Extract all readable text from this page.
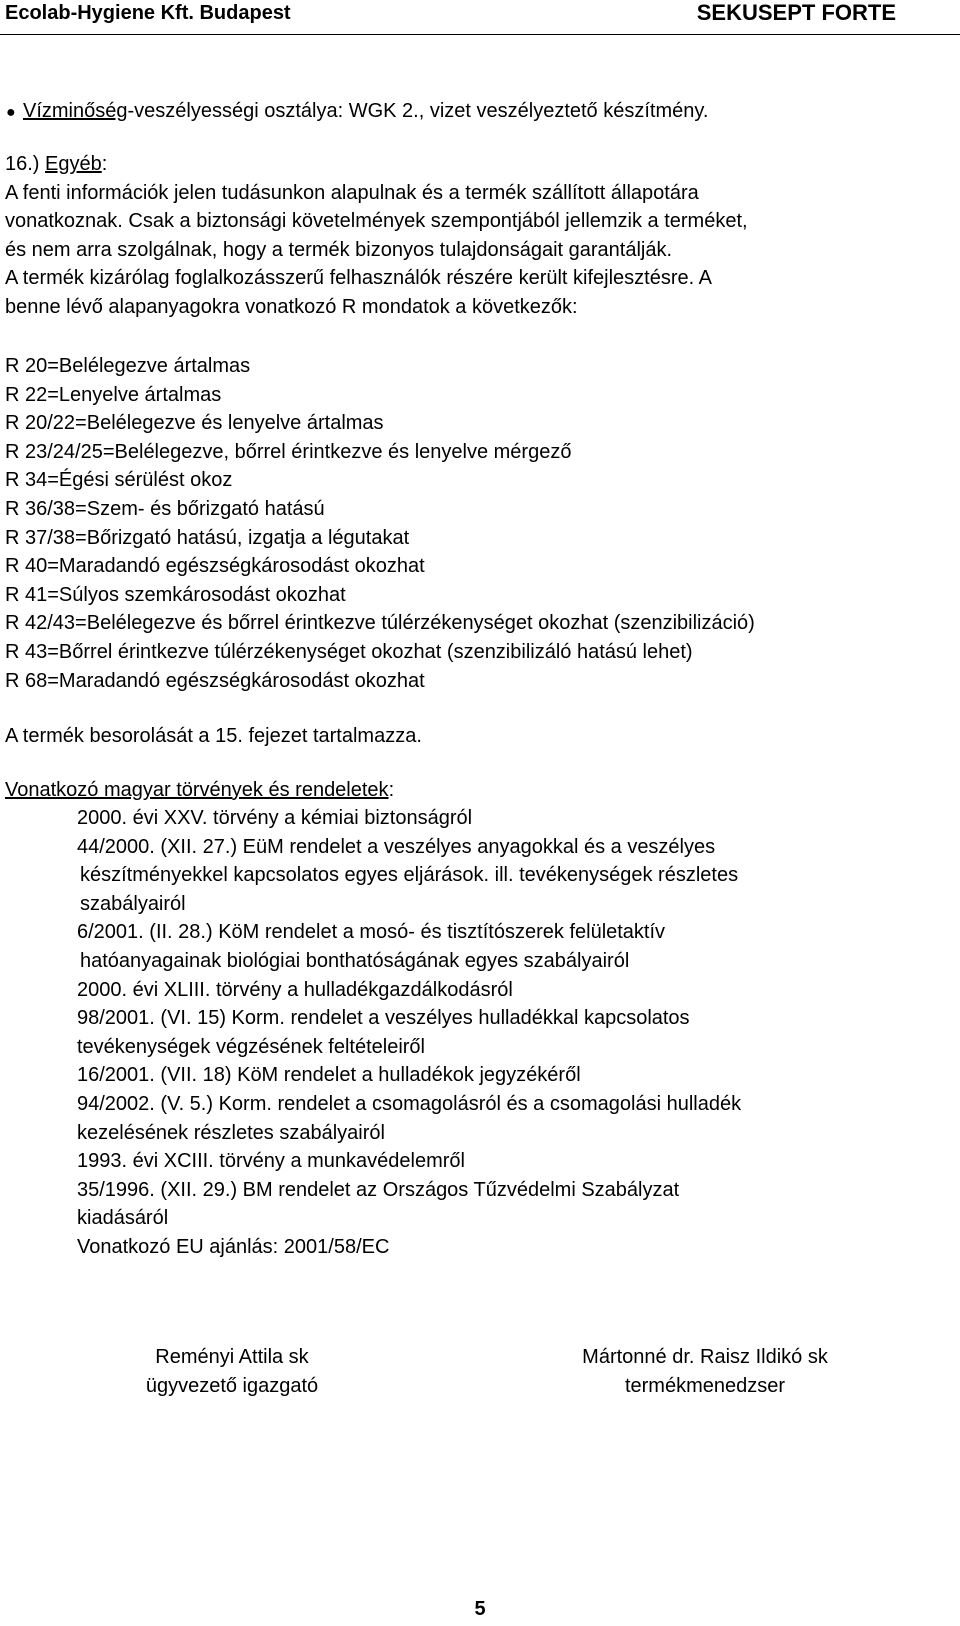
Ecolab-Hygiene Kft. Budapest	SEKUSEPT FORTE
● Vízminőség-veszélyességi osztálya: WGK 2., vizet veszélyeztető készítmény.
16.) Egyéb:
A fenti információk jelen tudásunkon alapulnak és a termék szállított állapotára
vonatkoznak. Csak a biztonsági követelmények szempontjából jellemzik a terméket,
és nem arra szolgálnak, hogy a termék bizonyos tulajdonságait garantálják.
A termék kizárólag foglalkozásszerű felhasználók részére került kifejlesztésre. A
benne lévő alapanyagokra vonatkozó R mondatok a következők:
R 20=Belélegezve ártalmas
R 22=Lenyelve ártalmas
R 20/22=Belélegezve és lenyelve ártalmas
R 23/24/25=Belélegezve, bőrrel érintkezve és lenyelve mérgező
R 34=Égési sérülést okoz
R 36/38=Szem- és bőrizgató hatású
R 37/38=Bőrizgató hatású, izgatja a légutakat
R 40=Maradandó egészségkárosodást okozhat
R 41=Súlyos szemkárosodást okozhat
R 42/43=Belélegezve és bőrrel érintkezve túlérzékenységet okozhat (szenzibilizáció)
R 43=Bőrrel érintkezve túlérzékenységet okozhat (szenzibilizáló hatású lehet)
R 68=Maradandó egészségkárosodást okozhat
A termék besorolását a 15. fejezet tartalmazza.
Vonatkozó magyar törvények és rendeletek:
2000. évi XXV. törvény a kémiai biztonságról
44/2000. (XII. 27.) EüM rendelet a veszélyes anyagokkal és a veszélyes
készítményekkel kapcsolatos egyes eljárások. ill. tevékenységek részletes
szabályairól
6/2001. (II. 28.) KöM rendelet a mosó- és tisztítószerek felületaktív
hatóanyagainak biológiai bonthatóságának egyes szabályairól
2000. évi XLIII. törvény a hulladékgazdálkodásról
98/2001. (VI. 15) Korm. rendelet a veszélyes hulladékkal kapcsolatos
tevékenységek végzésének feltételeiről
16/2001. (VII. 18) KöM rendelet a hulladékok jegyzékéről
94/2002. (V. 5.) Korm. rendelet a csomagolásról és a csomagolási hulladék
kezelésének részletes szabályairól
1993. évi XCIII. törvény a munkavédelemről
35/1996. (XII. 29.) BM rendelet az Országos Tűzvédelmi Szabályzat
kiadásáról
Vonatkozó EU ajánlás: 2001/58/EC
Reményi Attila sk
ügyvezető igazgató
Mártonné dr. Raisz Ildikó sk
termékmenedzser
5
